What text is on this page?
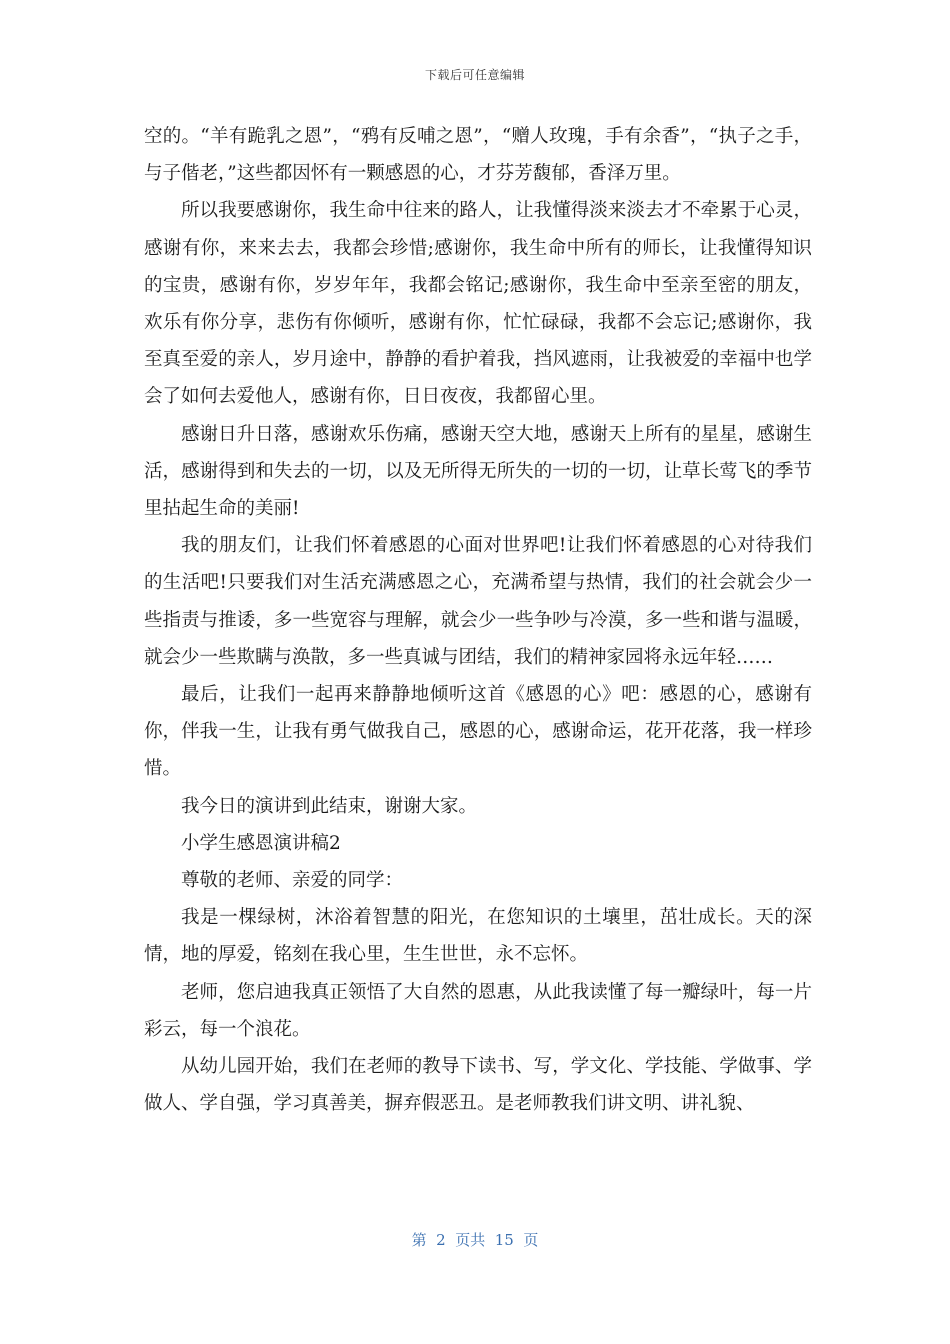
下载后可任意编辑

空的。“羊有跪乳之恩”，“鸦有反哺之恩”，“赠人玫瑰，手有余香”，“执子之手，与子偕老，”这些都因怀有一颗感恩的心，才芬芳馥郁，香泽万里。

所以我要感谢你，我生命中往来的路人，让我懂得淡来淡去才不牵累于心灵，感谢有你，来来去去，我都会珍惜;感谢你，我生命中所有的师长，让我懂得知识的宝贵，感谢有你，岁岁年年，我都会铭记;感谢你，我生命中至亲至密的朋友，欢乐有你分享，悲伤有你倾听，感谢有你，忙忙碌碌，我都不会忘记;感谢你，我至真至爱的亲人，岁月途中，静静的看护着我，挡风遮雨，让我被爱的幸福中也学会了如何去爱他人，感谢有你，日日夜夜，我都留心里。

感谢日升日落，感谢欢乐伤痛，感谢天空大地，感谢天上所有的星星，感谢生活，感谢得到和失去的一切，以及无所得无所失的一切的一切，让草长莺飞的季节里拈起生命的美丽!

我的朋友们，让我们怀着感恩的心面对世界吧!让我们怀着感恩的心对待我们的生活吧!只要我们对生活充满感恩之心，充满希望与热情，我们的社会就会少一些指责与推诿，多一些宽容与理解，就会少一些争吵与冷漠，多一些和谐与温暖，就会少一些欺瞒与涣散，多一些真诚与团结，我们的精神家园将永远年轻……

最后，让我们一起再来静静地倾听这首《感恩的心》吧：感恩的心，感谢有你，伴我一生，让我有勇气做我自己，感恩的心，感谢命运，花开花落，我一样珍惜。

我今日的演讲到此结束，谢谢大家。

小学生感恩演讲稿2

尊敬的老师、亲爱的同学：

我是一棵绿树，沐浴着智慧的阳光，在您知识的土壤里，茁壮成长。天的深情，地的厚爱，铭刻在我心里，生生世世，永不忘怀。

老师，您启迪我真正领悟了大自然的恩惠，从此我读懂了每一瓣绿叶，每一片彩云，每一个浪花。

从幼儿园开始，我们在老师的教导下读书、写，学文化、学技能、学做事、学做人、学自强，学习真善美，摒弃假恶丑。是老师教我们讲文明、讲礼貌、

第  2  页共  15  页
